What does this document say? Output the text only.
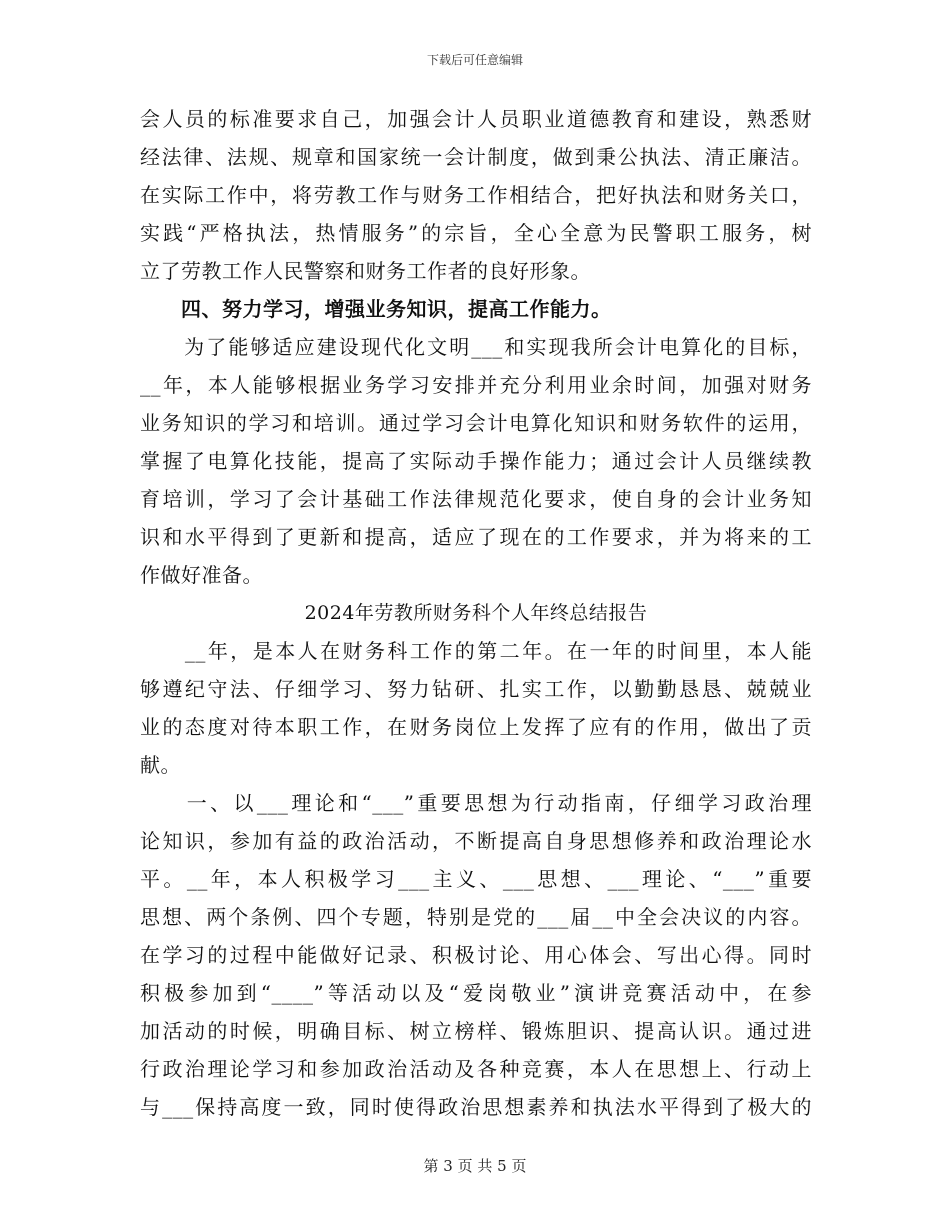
下载后可任意编辑
会人员的标准要求自己，加强会计人员职业道德教育和建设，熟悉财
经法律、法规、规章和国家统一会计制度，做到秉公执法、清正廉洁。
在实际工作中，将劳教工作与财务工作相结合，把好执法和财务关口，
实践“严格执法，热情服务”的宗旨，全心全意为民警职工服务，树
立了劳教工作人民警察和财务工作者的良好形象。
　　四、努力学习，增强业务知识，提高工作能力。
　　为了能够适应建设现代化文明___和实现我所会计电算化的目标，
__年，本人能够根据业务学习安排并充分利用业余时间，加强对财务
业务知识的学习和培训。通过学习会计电算化知识和财务软件的运用，
掌握了电算化技能，提高了实际动手操作能力；通过会计人员继续教
育培训，学习了会计基础工作法律规范化要求，使自身的会计业务知
识和水平得到了更新和提高，适应了现在的工作要求，并为将来的工
作做好准备。
2024年劳教所财务科个人年终总结报告
　　__年，是本人在财务科工作的第二年。在一年的时间里，本人能
够遵纪守法、仔细学习、努力钻研、扎实工作，以勤勤恳恳、兢兢业
业的态度对待本职工作，在财务岗位上发挥了应有的作用，做出了贡
献。
　　一、以___理论和“___”重要思想为行动指南，仔细学习政治理
论知识，参加有益的政治活动，不断提高自身思想修养和政治理论水
平。__年，本人积极学习___主义、___思想、___理论、“___”重要
思想、两个条例、四个专题，特别是党的___届__中全会决议的内容。
在学习的过程中能做好记录、积极讨论、用心体会、写出心得。同时
积极参加到“____”等活动以及“爱岗敬业”演讲竞赛活动中，在参
加活动的时候，明确目标、树立榜样、锻炼胆识、提高认识。通过进
行政治理论学习和参加政治活动及各种竞赛，本人在思想上、行动上
与___保持高度一致，同时使得政治思想素养和执法水平得到了极大的
第 3 页 共 5 页
